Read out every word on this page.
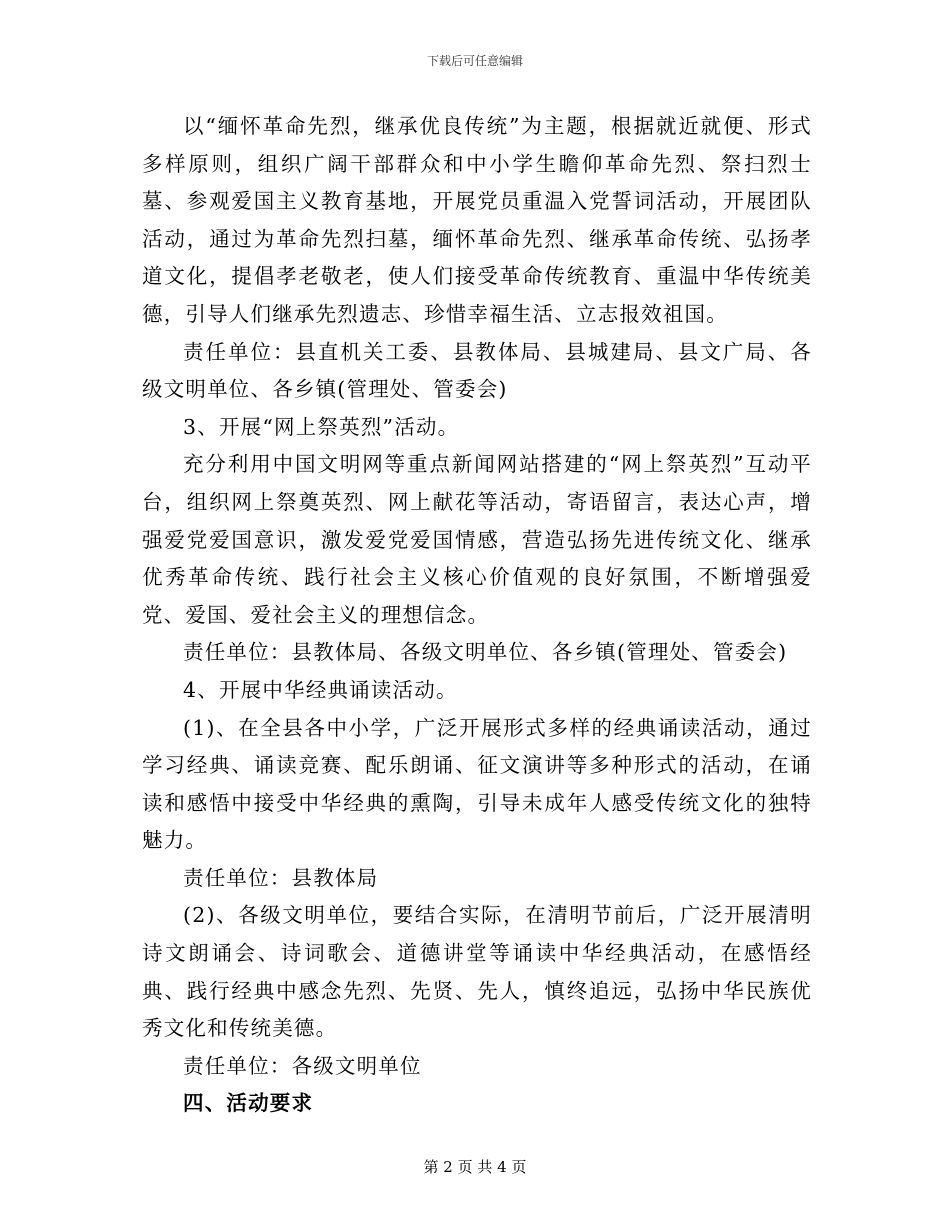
下载后可任意编辑

以“缅怀革命先烈，继承优良传统”为主题，根据就近就便、形式多样原则，组织广阔干部群众和中小学生瞻仰革命先烈、祭扫烈士墓、参观爱国主义教育基地，开展党员重温入党誓词活动，开展团队活动，通过为革命先烈扫墓，缅怀革命先烈、继承革命传统、弘扬孝道文化，提倡孝老敬老，使人们接受革命传统教育、重温中华传统美德，引导人们继承先烈遗志、珍惜幸福生活、立志报效祖国。

责任单位：县直机关工委、县教体局、县城建局、县文广局、各级文明单位、各乡镇(管理处、管委会)

3、开展“网上祭英烈”活动。

充分利用中国文明网等重点新闻网站搭建的“网上祭英烈”互动平台，组织网上祭奠英烈、网上献花等活动，寄语留言，表达心声，增强爱党爱国意识，激发爱党爱国情感，营造弘扬先进传统文化、继承优秀革命传统、践行社会主义核心价值观的良好氛围，不断增强爱党、爱国、爱社会主义的理想信念。

责任单位：县教体局、各级文明单位、各乡镇(管理处、管委会)

4、开展中华经典诵读活动。

(1)、在全县各中小学，广泛开展形式多样的经典诵读活动，通过学习经典、诵读竞赛、配乐朗诵、征文演讲等多种形式的活动，在诵读和感悟中接受中华经典的熏陶，引导未成年人感受传统文化的独特魅力。

责任单位：县教体局

(2)、各级文明单位，要结合实际，在清明节前后，广泛开展清明诗文朗诵会、诗词歌会、道德讲堂等诵读中华经典活动，在感悟经典、践行经典中感念先烈、先贤、先人，慎终追远，弘扬中华民族优秀文化和传统美德。

责任单位：各级文明单位

四、活动要求

第 2 页 共 4 页
